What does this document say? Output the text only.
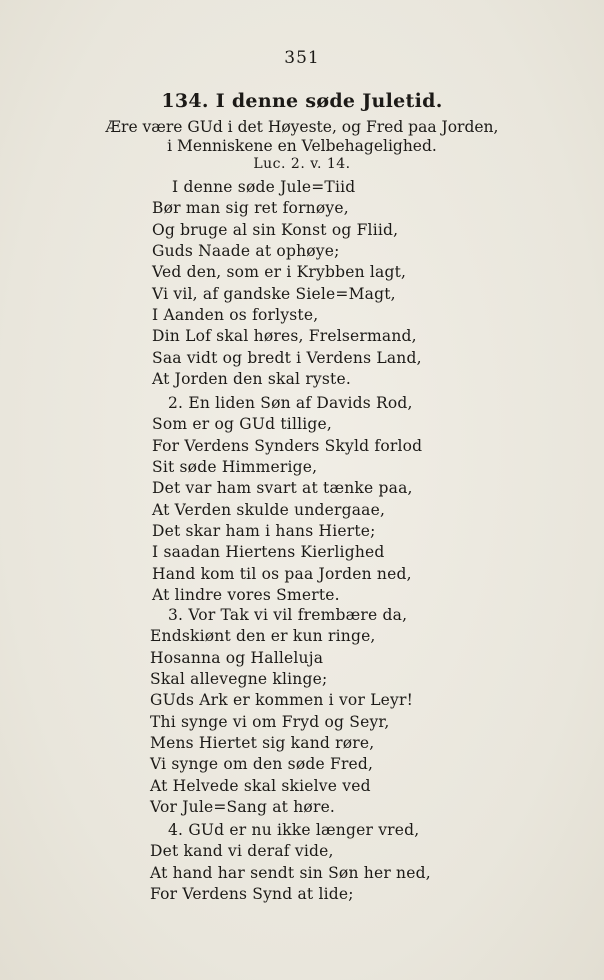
351
134. I denne søde Juletid.
Ære være GUd i det Høyeste, og Fred paa Jorden,
i Menniskene en Velbehagelighed.
Luc. 2. v. 14.
I denne søde Jule=Tiid
Bør man sig ret fornøye,
Og bruge al sin Konst og Fliid,
Guds Naade at ophøye;
Ved den, som er i Krybben lagt,
Vi vil, af gandske Siele=Magt,
I Aanden os forlyste,
Din Lof skal høres, Frelsermand,
Saa vidt og bredt i Verdens Land,
At Jorden den skal ryste.
2. En liden Søn af Davids Rod,
Som er og GUd tillige,
For Verdens Synders Skyld forlod
Sit søde Himmerige,
Det var ham svart at tænke paa,
At Verden skulde undergaae,
Det skar ham i hans Hierte;
I saadan Hiertens Kierlighed
Hand kom til os paa Jorden ned,
At lindre vores Smerte.
3. Vor Tak vi vil frembære da,
Endskiønt den er kun ringe,
Hosanna og Halleluja
Skal allevegne klinge;
GUds Ark er kommen i vor Leyr!
Thi synge vi om Fryd og Seyr,
Mens Hiertet sig kand røre,
Vi synge om den søde Fred,
At Helvede skal skielve ved
Vor Jule=Sang at høre.
4. GUd er nu ikke længer vred,
Det kand vi deraf vide,
At hand har sendt sin Søn her ned,
For Verdens Synd at lide;
